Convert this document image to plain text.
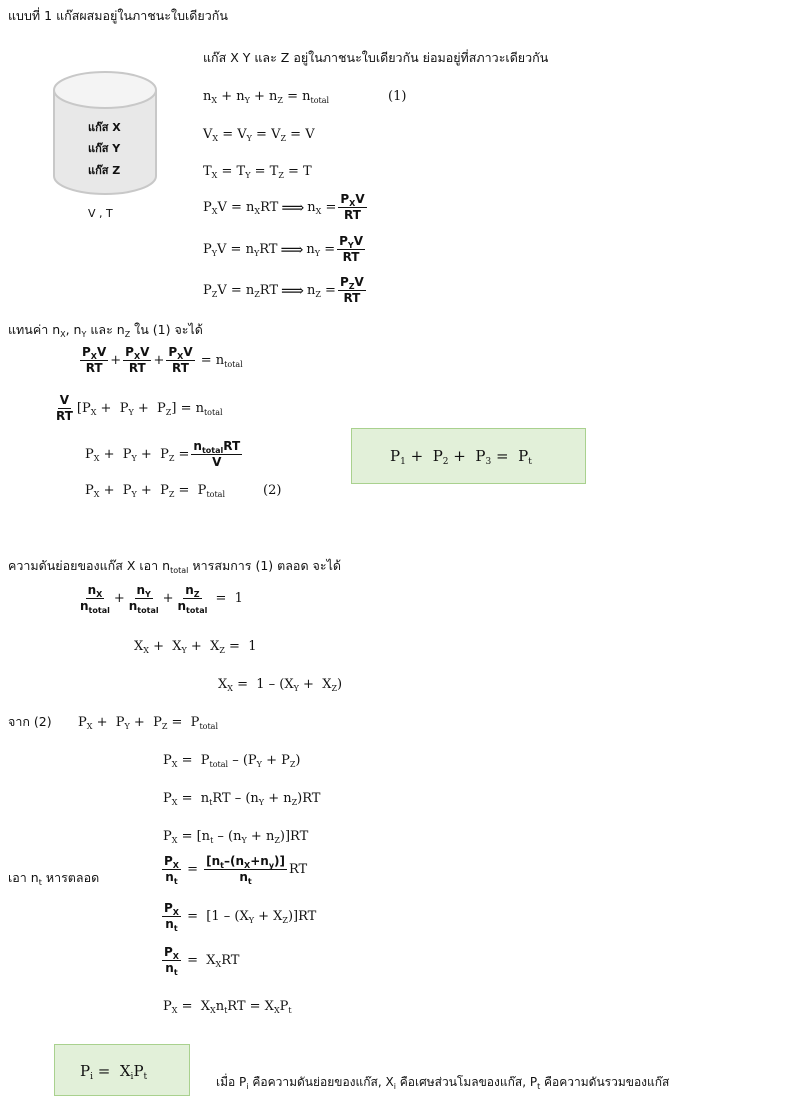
แบบที่ 1 แก๊สผสมอยู่ในภาชนะใบเดียวกัน
แก๊ส X Y และ Z อยู่ในภาชนะใบเดียวกัน ย่อมอยู่ที่สภาวะเดียวกัน
แก๊ส X
แก๊ส Y
แก๊ส Z
V , T
$n_X + n_Y + n_Z = n_{total}$	(1)
$V_X = V_Y = V_Z = V$
$T_X = T_Y = T_Z = T$
$P_XV = n_XRT$ ⟹ $n_X = \frac{P_XV}{RT}$
$P_YV = n_YRT$ ⟹ $n_Y = \frac{P_YV}{RT}$
$P_ZV = n_ZRT$ ⟹ $n_Z = \frac{P_ZV}{RT}$
แทนค่า $n_X$, $n_Y$ และ $n_Z$ ใน (1) จะได้
$\frac{P_XV}{RT} + \frac{P_XV}{RT} + \frac{P_XV}{RT} = n_{total}$
$\frac{V}{RT} [P_X + P_Y + P_Z] = n_{total}$
$P_X + P_Y + P_Z = \frac{n_{total}RT}{V}$
$P_X + P_Y + P_Z = P_{total}$	(2)
$P_1 + P_2 + P_3 = P_t$
ความดันย่อยของแก๊ส X เอา $n_{total}$ หารสมการ (1) ตลอด จะได้
$\frac{n_X}{n_{total}} + \frac{n_Y}{n_{total}} + \frac{n_Z}{n_{total}} = 1$
$X_X + X_Y + X_Z = 1$
$X_X = 1 - (X_Y + X_Z)$
จาก (2) $P_X + P_Y + P_Z = P_{total}$
$P_X = P_{total} - (P_Y + P_Z)$
$P_X = n_tRT - (n_Y + n_Z)RT$
$P_X = [n_t - (n_Y + n_Z)]RT$
เอา $n_t$ หารตลอด	$\frac{P_X}{n_t} = \frac{[n_t-(n_X+n_y)]}{n_t}$ RT
$\frac{P_X}{n_t} = [1 - (X_Y + X_Z)]RT$
$\frac{P_X}{n_t} = X_XRT$
$P_X = X_Xn_tRT = X_XP_t$
$P_i = X_iP_t$	เมื่อ $P_i$ คือความดันย่อยของแก๊ส, $X_i$ คือเศษส่วนโมลของแก๊ส, $P_t$ คือความดันรวมของแก๊ส
